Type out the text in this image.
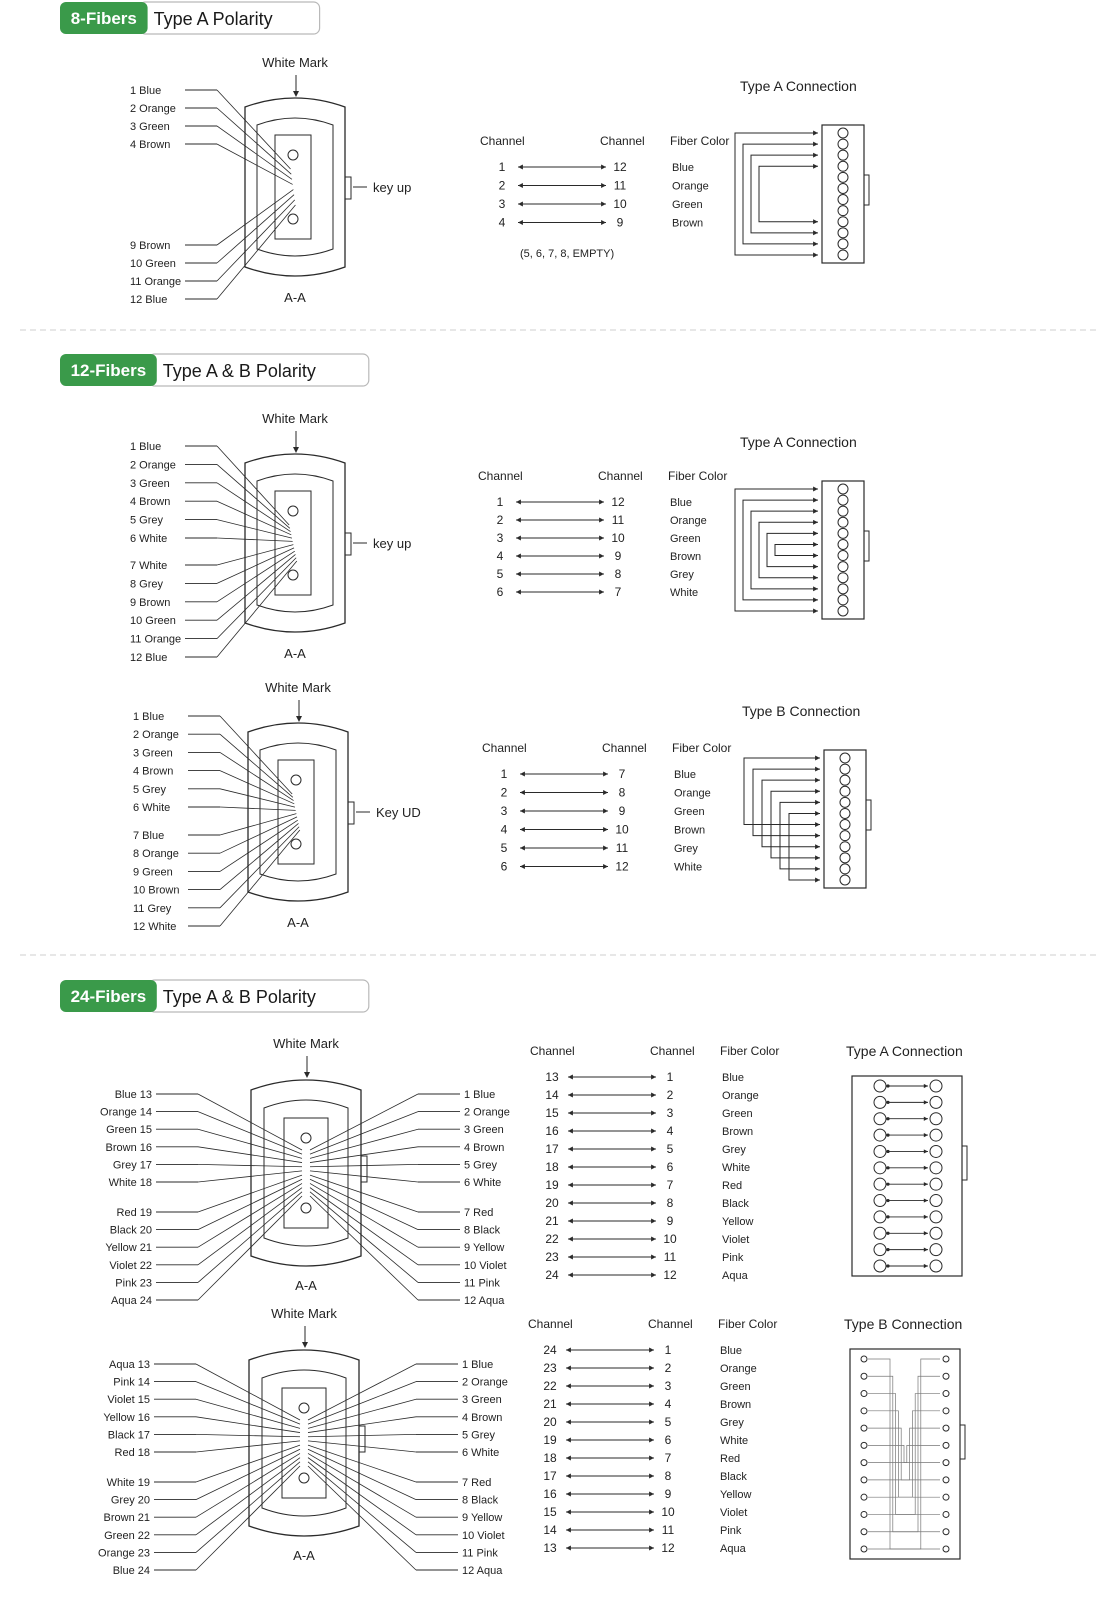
8-Fibers Type A Polarity
White Mark
key up
A-A
1 Blue
2 Orange
3 Green
4 Brown
9 Brown
10 Green
11 Orange
12 Blue
Channel	Channel Fiber Color
1	12	Blue
2	11	Orange
3	10	Green
4	9	Brown
(5, 6, 7, 8, EMPTY)
Type A Connection
12-Fibers Type A & B Polarity
White Mark
key up
A-A
1 Blue
2 Orange
3 Green
4 Brown
5 Grey
6 White
7 White
8 Grey
9 Brown
10 Green
11 Orange
12 Blue
Channel	Channel Fiber Color
1	12	Blue
2	11	Orange
3	10	Green
4	9	Brown
5	8	Grey
6	7	White
Type A Connection
White Mark
Key UD
A-A
1 Blue
2 Orange
3 Green
4 Brown
5 Grey
6 White
7 Blue
8 Orange
9 Green
10 Brown
11 Grey
12 White
Channel	Channel Fiber Color
1	7	Blue
2	8	Orange
3	9	Green
4	10	Brown
5	11	Grey
6	12	White
Type B Connection
24-Fibers Type A & B Polarity
White Mark
A-A
Blue 13
Orange 14
Green 15
Brown 16
Grey 17
White 18
Red 19
Black 20
Yellow 21
Violet 22
Pink 23
Aqua 24
1 Blue
2 Orange
3 Green
4 Brown
5 Grey
6 White
7 Red
8 Black
9 Yellow
10 Violet
11 Pink
12 Aqua
Channel	Channel Fiber Color
13	1	Blue
14	2	Orange
15	3	Green
16	4	Brown
17	5	Grey
18	6	White
19	7	Red
20	8	Black
21	9	Yellow
22	10	Violet
23	11	Pink
24	12	Aqua
Type A Connection
White Mark
A-A
Aqua 13
Pink 14
Violet 15
Yellow 16
Black 17
Red 18
White 19
Grey 20
Brown 21
Green 22
Orange 23
Blue 24
1 Blue
2 Orange
3 Green
4 Brown
5 Grey
6 White
7 Red
8 Black
9 Yellow
10 Violet
11 Pink
12 Aqua
Channel	Channel Fiber Color
24	1	Blue
23	2	Orange
22	3	Green
21	4	Brown
20	5	Grey
19	6	White
18	7	Red
17	8	Black
16	9	Yellow
15	10	Violet
14	11	Pink
13	12	Aqua
Type B Connection
